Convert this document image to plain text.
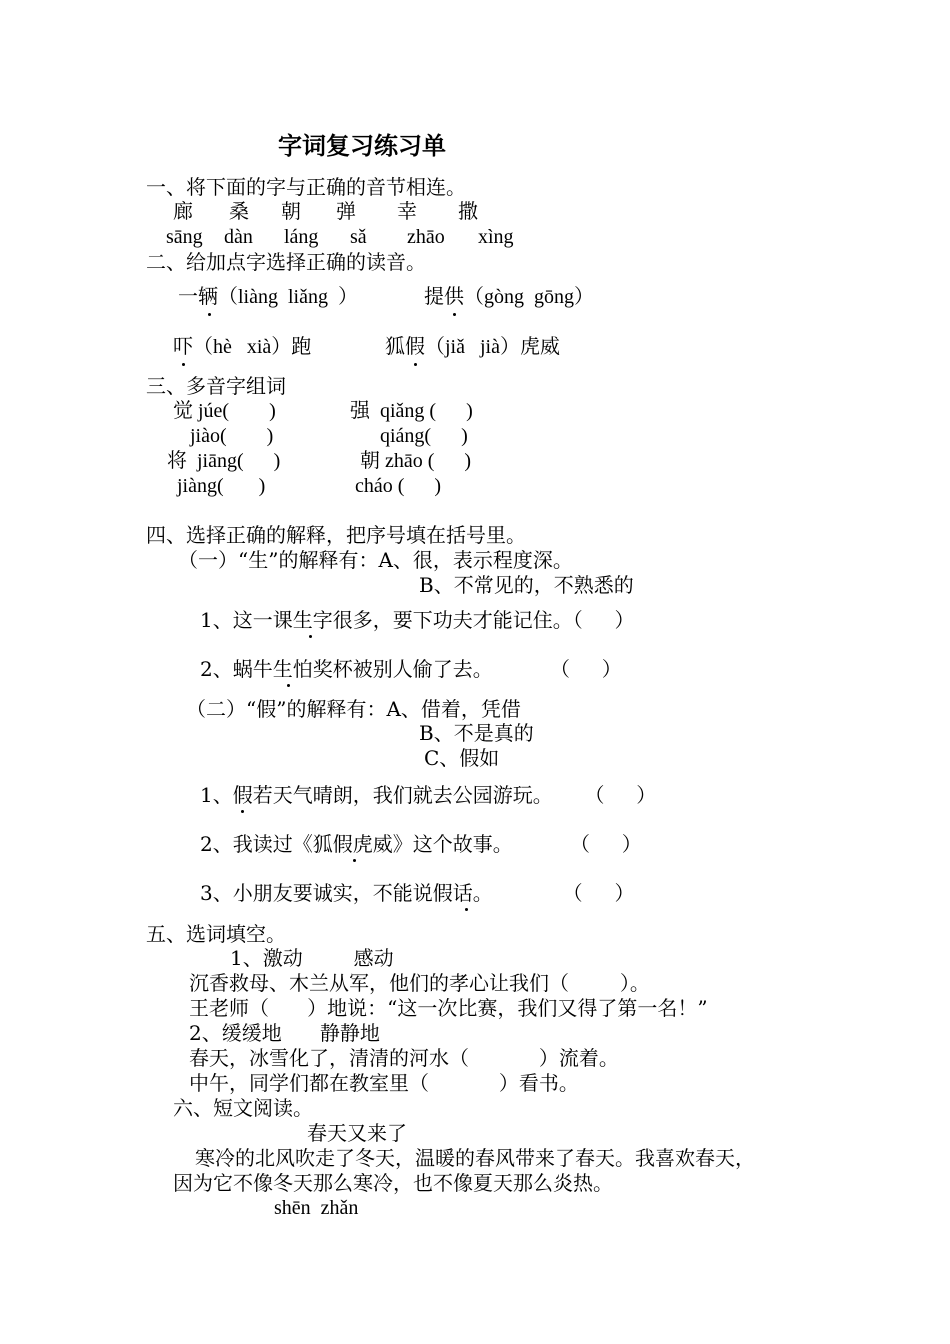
字词复习练习单
一、将下面的字与正确的音节相连。
廊 桑 朝 弹 幸 撒
sāng dàn láng sǎ zhāo xìng
二、给加点字选择正确的读音。
一辆（liàng  liǎng  ）	提供（gòng  gōng）
吓（hè   xià）跑	狐假（jiǎ   jià）虎威
三、多音字组词
觉 júe(        )	强  qiǎng (      )
jiào(        )	qiáng(      )
将  jiāng(      )	朝 zhāo (      )
jiàng(       )	cháo (      )
四、选择正确的解释，把序号填在括号里。
（一）“生”的解释有：A、很，表示程度深。
B、不常见的，不熟悉的
1、这一课生字很多，要下功夫才能记住。（     ）
2、蜗牛生怕奖杯被别人偷了去。         （     ）
（二）“假”的解释有：A、借着，凭借
B、不是真的
C、假如
1、假若天气晴朗，我们就去公园游玩。     （     ）
2、我读过《狐假虎威》这个故事。         （     ）
3、小朋友要诚实，不能说假话。           （     ）
五、选词填空。
1、激动        感动
沉香救母、木兰从军，他们的孝心让我们（        ）。
王老师（      ）地说：“这一次比赛，我们又得了第一名！”
2、缓缓地      静静地
春天，冰雪化了，清清的河水（           ）流着。
中午，同学们都在教室里（           ）看书。
六、短文阅读。
春天又来了
寒冷的北风吹走了冬天，温暖的春风带来了春天。我喜欢春天，
因为它不像冬天那么寒冷，也不像夏天那么炎热。
shēn  zhǎn
